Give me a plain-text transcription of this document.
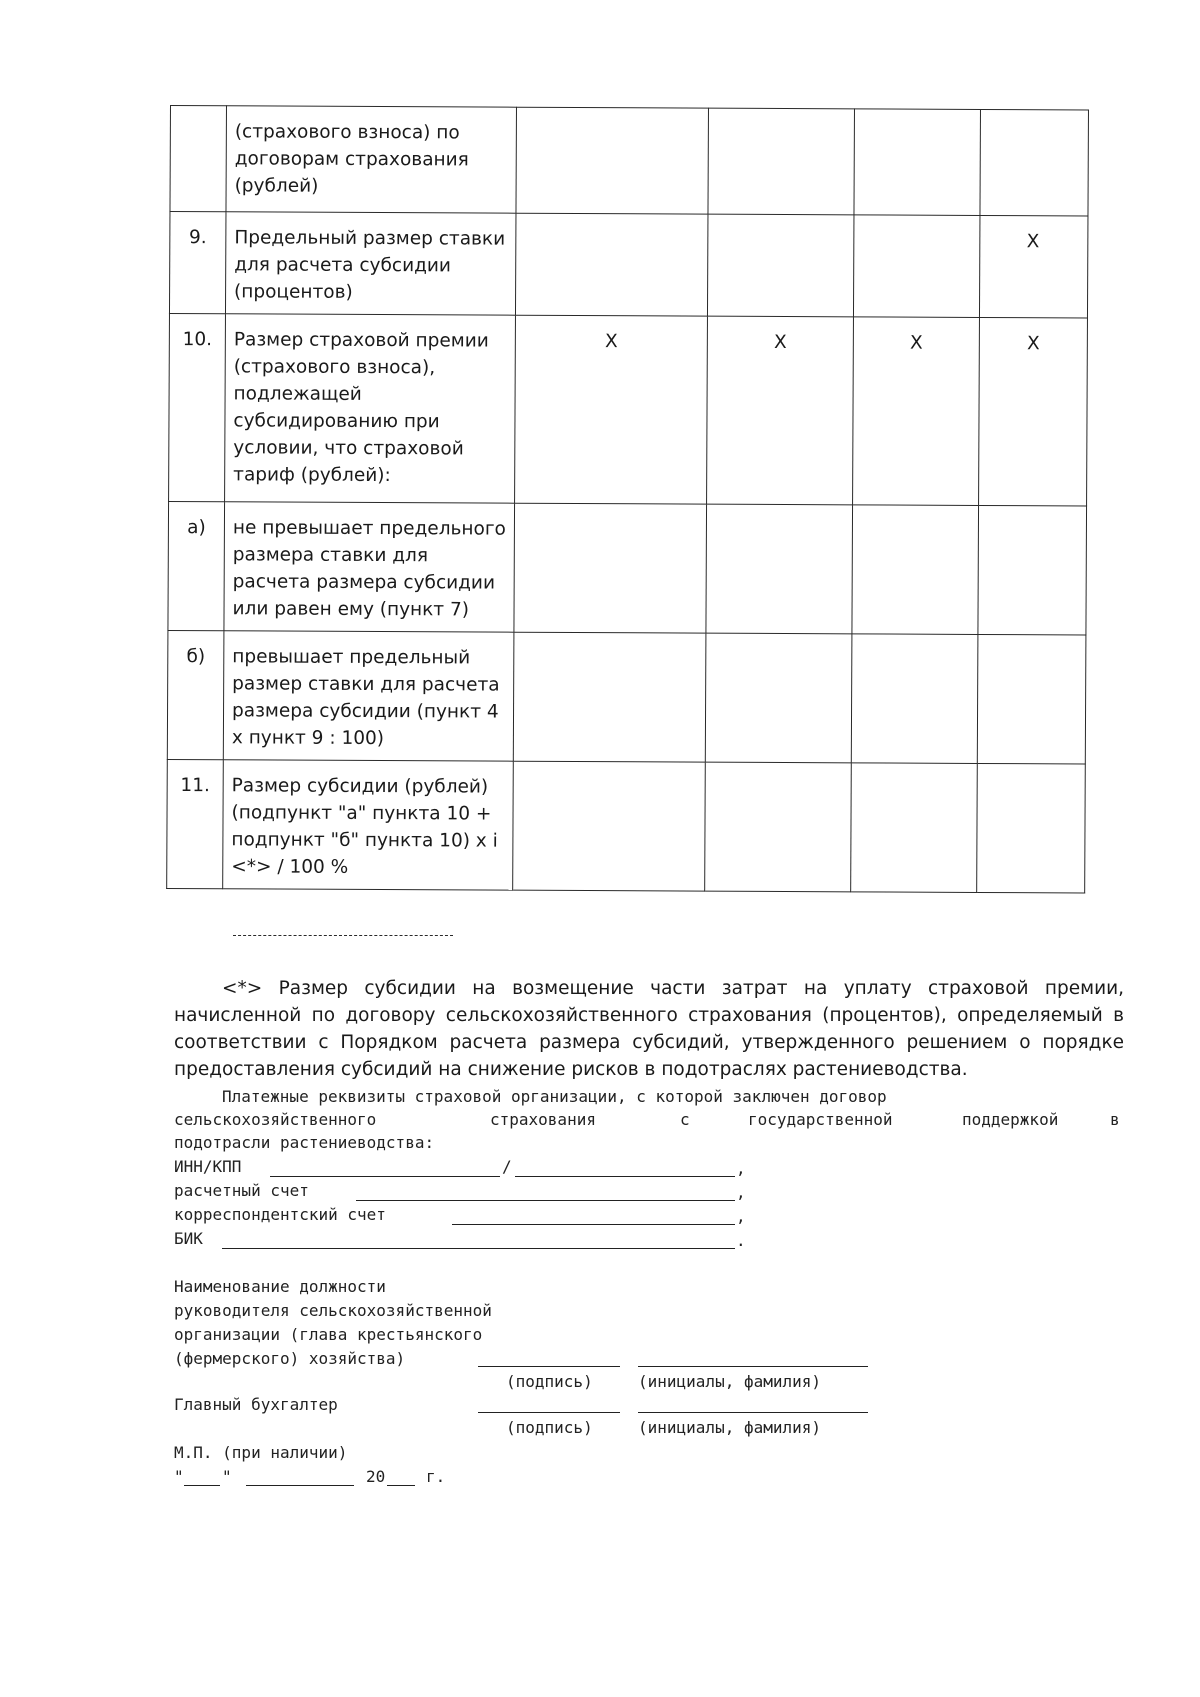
	(страхового взноса) по договорам страхования (рублей)				
9.	Предельный размер ставки для расчета субсидии (процентов)				X
10.	Размер страховой премии (страхового взноса), подлежащей субсидированию при условии, что страховой тариф (рублей):	X	X	X	X
а)	не превышает предельного размера ставки для расчета размера субсидии или равен ему (пункт 7)				
б)	превышает предельный размер ставки для расчета размера субсидии (пункт 4 х пункт 9 : 100)				
11.	Размер субсидии (рублей) (подпункт "а" пункта 10 + подпункт "б" пункта 10) х i <*> / 100 %				

<*> Размер субсидии на возмещение части затрат на уплату страховой премии, начисленной по договору сельскохозяйственного страхования (процентов), определяемый в соответствии с Порядком расчета размера субсидий, утвержденного решением о порядке предоставления субсидий на снижение рисков в подотраслях растениеводства.

Платежные реквизиты страховой организации, с которой заключен договор
сельскохозяйственного	страхования	с	государственной	поддержкой	в
подотрасли растениеводства:
ИНН/КПП	/	,
расчетный счет	,
корреспондентский счет	,
БИК	.
Наименование должности
руководителя сельскохозяйственной
организации (глава крестьянского
(фермерского) хозяйства)
(подпись)	(инициалы, фамилия)
Главный бухгалтер
(подпись)	(инициалы, фамилия)
М.П. (при наличии)
" "	20	г.
